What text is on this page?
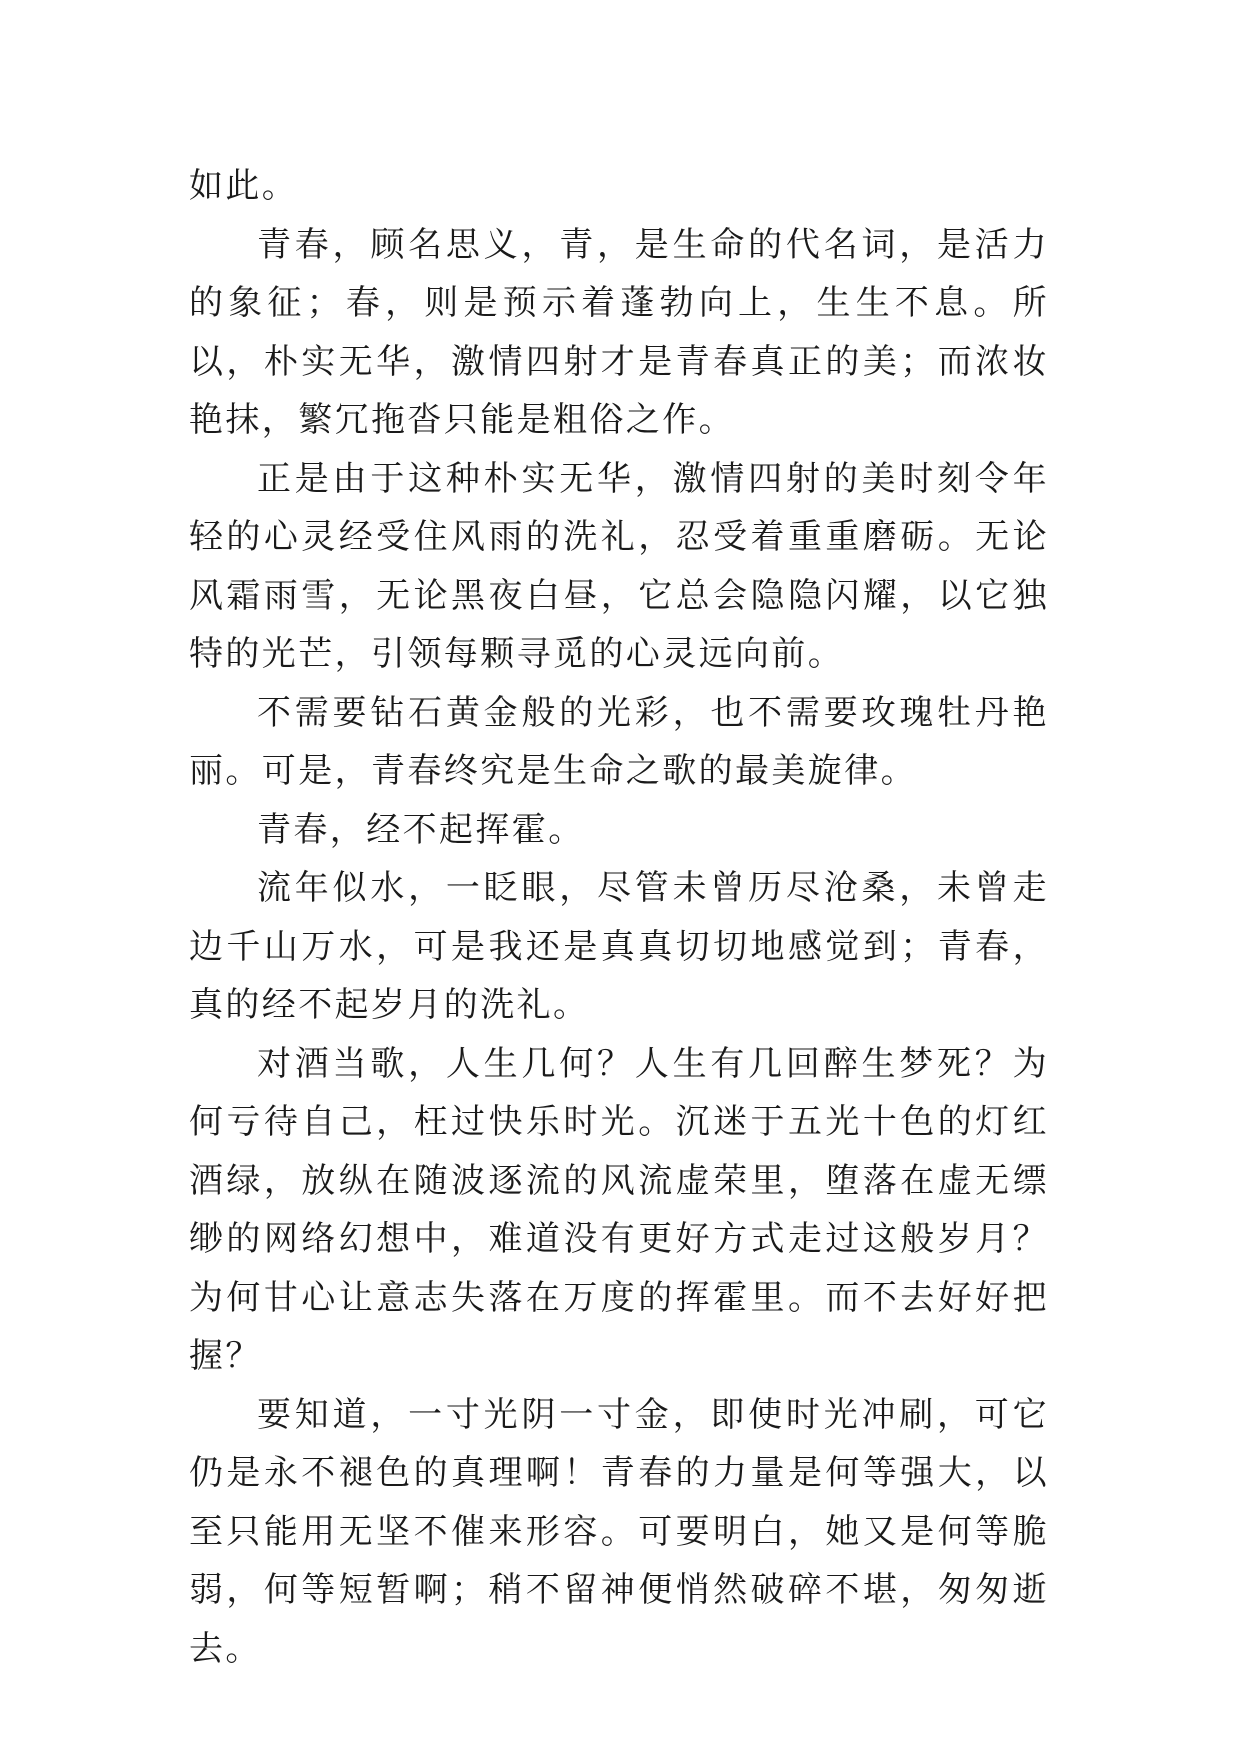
如此。

青春，顾名思义，青，是生命的代名词，是活力的象征；春，则是预示着蓬勃向上，生生不息。所以，朴实无华，激情四射才是青春真正的美；而浓妆艳抹，繁冗拖沓只能是粗俗之作。

正是由于这种朴实无华，激情四射的美时刻令年轻的心灵经受住风雨的洗礼，忍受着重重磨砺。无论风霜雨雪，无论黑夜白昼，它总会隐隐闪耀，以它独特的光芒，引领每颗寻觅的心灵远向前。

不需要钻石黄金般的光彩，也不需要玫瑰牡丹艳丽。可是，青春终究是生命之歌的最美旋律。

青春，经不起挥霍。

流年似水，一眨眼，尽管未曾历尽沧桑，未曾走边千山万水，可是我还是真真切切地感觉到；青春，真的经不起岁月的洗礼。

对酒当歌，人生几何？人生有几回醉生梦死？为何亏待自己，枉过快乐时光。沉迷于五光十色的灯红酒绿，放纵在随波逐流的风流虚荣里，堕落在虚无缥缈的网络幻想中，难道没有更好方式走过这般岁月？为何甘心让意志失落在万度的挥霍里。而不去好好把握？

要知道，一寸光阴一寸金，即使时光冲刷，可它仍是永不褪色的真理啊！青春的力量是何等强大，以至只能用无坚不催来形容。可要明白，她又是何等脆弱，何等短暂啊；稍不留神便悄然破碎不堪，匆匆逝去。
